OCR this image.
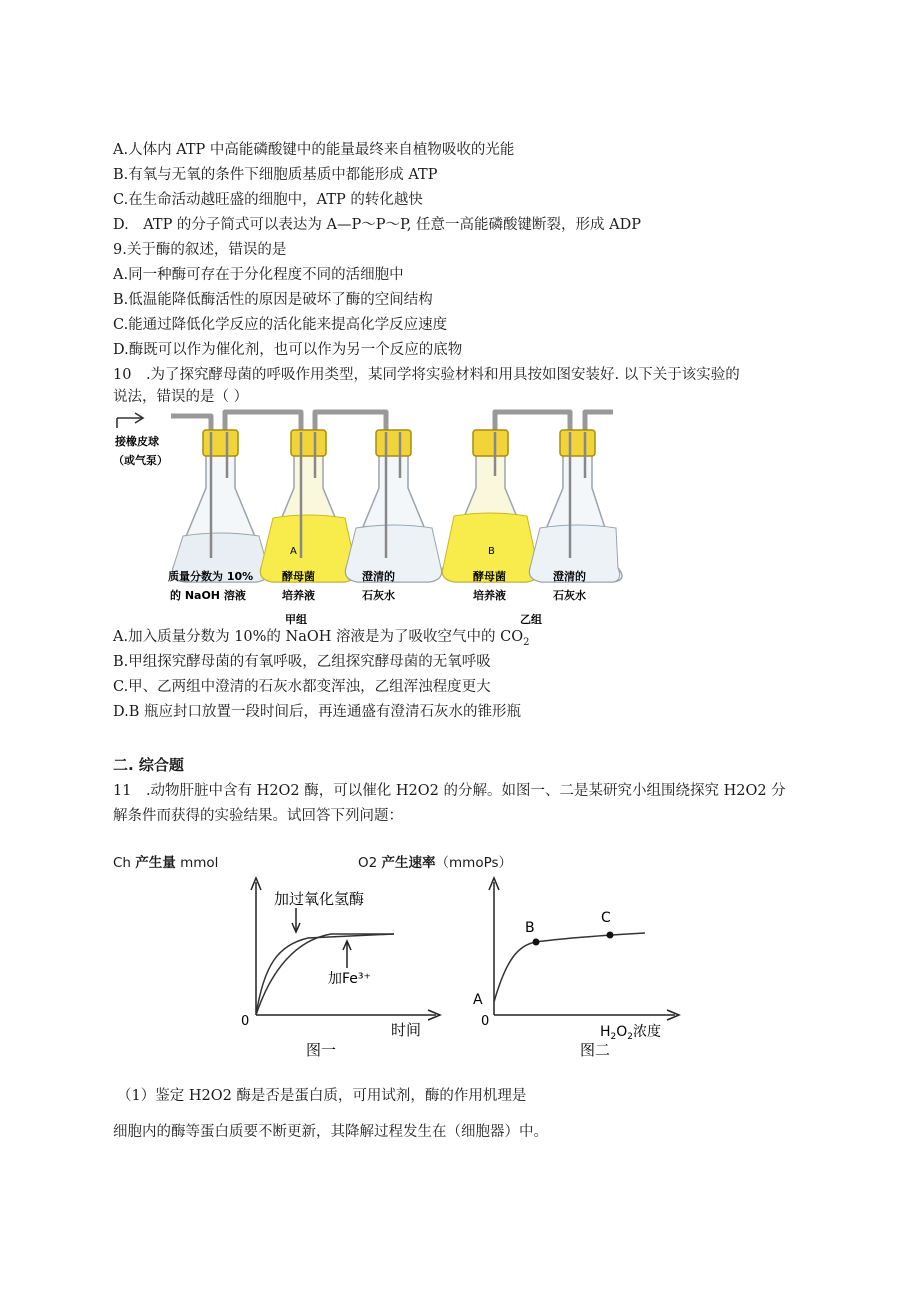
A.人体内 ATP 中高能磷酸键中的能量最终来自植物吸收的光能
B.有氧与无氧的条件下细胞质基质中都能形成 ATP
C.在生命活动越旺盛的细胞中，ATP 的转化越快
D.　ATP 的分子简式可以表达为 A—P～P～P, 任意一高能磷酸键断裂，形成 ADP
9.关于酶的叙述，错误的是
A.同一种酶可存在于分化程度不同的活细胞中
B.低温能降低酶活性的原因是破坏了酶的空间结构
C.能通过降低化学反应的活化能来提高化学反应速度
D.酶既可以作为催化剂，也可以作为另一个反应的底物
10　.为了探究酵母菌的呼吸作用类型，某同学将实验材料和用具按如图安装好. 以下关于该实验的
说法，错误的是（ ）
接橡皮球
（或气泵）
A	B
质量分数为 10%
的 NaOH 溶液
酵母菌
培养液
澄清的
石灰水
酵母菌
培养液
澄清的
石灰水
甲组	乙组
A.加入质量分数为 10%的 NaOH 溶液是为了吸收空气中的 $CO_2$
B.甲组探究酵母菌的有氧呼吸，乙组探究酵母菌的无氧呼吸
C.甲、乙两组中澄清的石灰水都变浑浊，乙组浑浊程度更大
D.B 瓶应封口放置一段时间后，再连通盛有澄清石灰水的锥形瓶
二. 综合题
11　.动物肝脏中含有 H2O2 酶，可以催化 H2O2 的分解。如图一、二是某研究小组围绕探究 H2O2 分
解条件而获得的实验结果。试回答下列问题：
Ch 产生量 mmol	O2 产生速率（mmoPs）
加过氧化氢酶
加Fe³⁺
0	时间
图一
A
B
C
0
$H_2O_2$浓度
图二
（1）鉴定 H2O2 酶是否是蛋白质，可用试剂，酶的作用机理是
细胞内的酶等蛋白质要不断更新，其降解过程发生在（细胞器）中。
